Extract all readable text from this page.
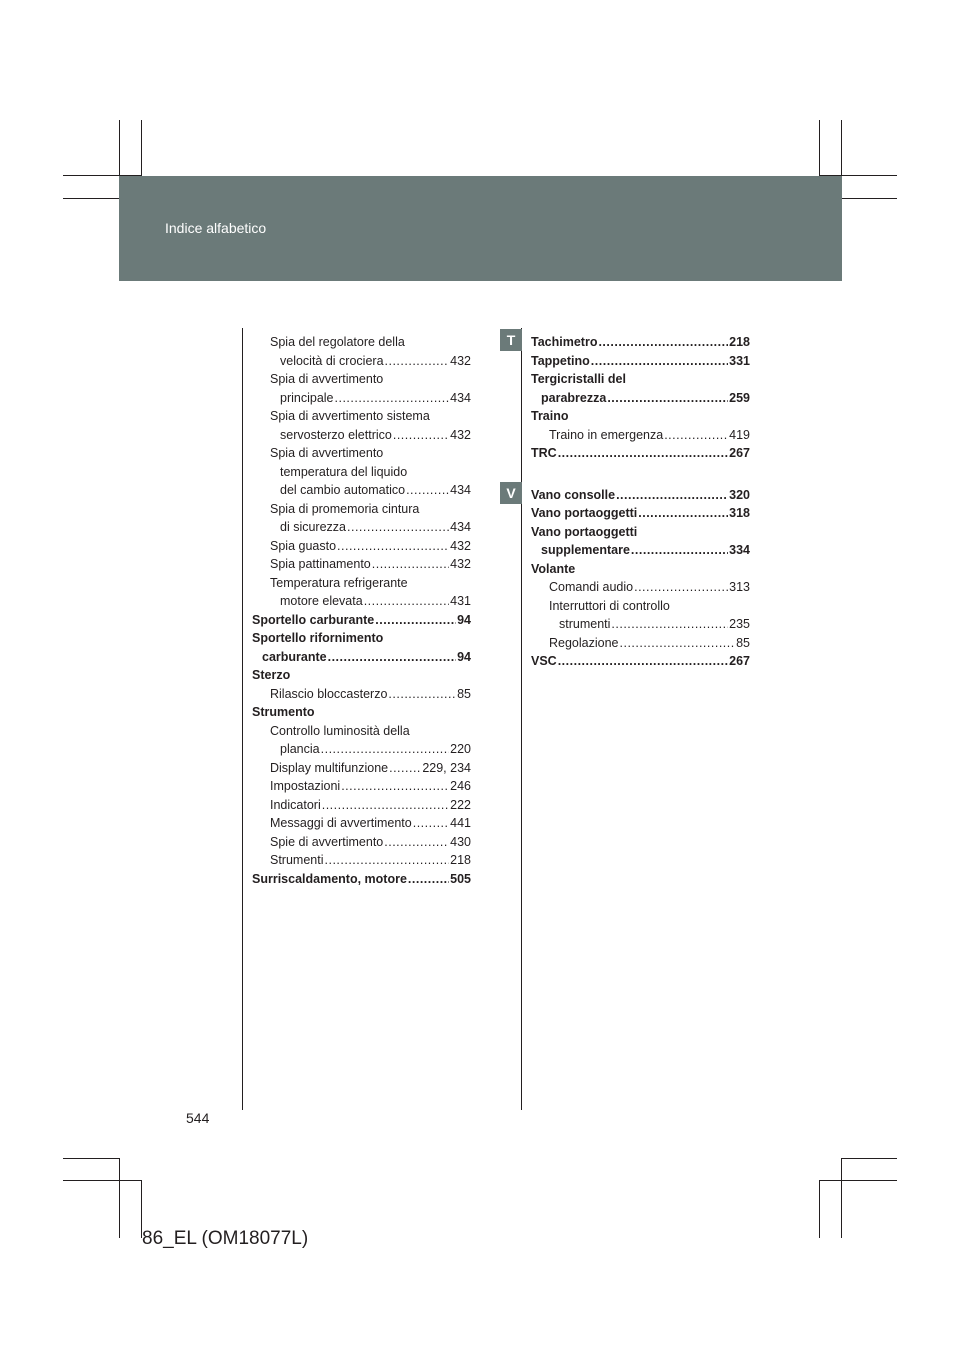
Indice alfabetico
Spia del regolatore della
velocità di crociera .....	432
Spia di avvertimento
principale .....	434
Spia di avvertimento sistema
servosterzo elettrico .....	432
Spia di avvertimento
temperatura del liquido
del cambio automatico .....	434
Spia di promemoria cintura
di sicurezza .....	434
Spia guasto .....	432
Spia pattinamento .....	432
Temperatura refrigerante
motore elevata .....	431
Sportello carburante .....	94
Sportello rifornimento
carburante .....	94
Sterzo
Rilascio bloccasterzo .....	85
Strumento
Controllo luminosità della
plancia .....	220
Display multifunzione .....	229, 234
Impostazioni .....	246
Indicatori .....	222
Messaggi di avvertimento .....	441
Spie di avvertimento .....	430
Strumenti .....	218
Surriscaldamento, motore .....	505
Tachimetro .....	218
Tappetino .....	331
Tergicristalli del
parabrezza .....	259
Traino
Traino in emergenza .....	419
TRC .....	267
Vano consolle .....	320
Vano portaoggetti .....	318
Vano portaoggetti
supplementare .....	334
Volante
Comandi audio .....	313
Interruttori di controllo
strumenti .....	235
Regolazione .....	85
VSC .....	267
544
86_EL (OM18077L)
T
V
